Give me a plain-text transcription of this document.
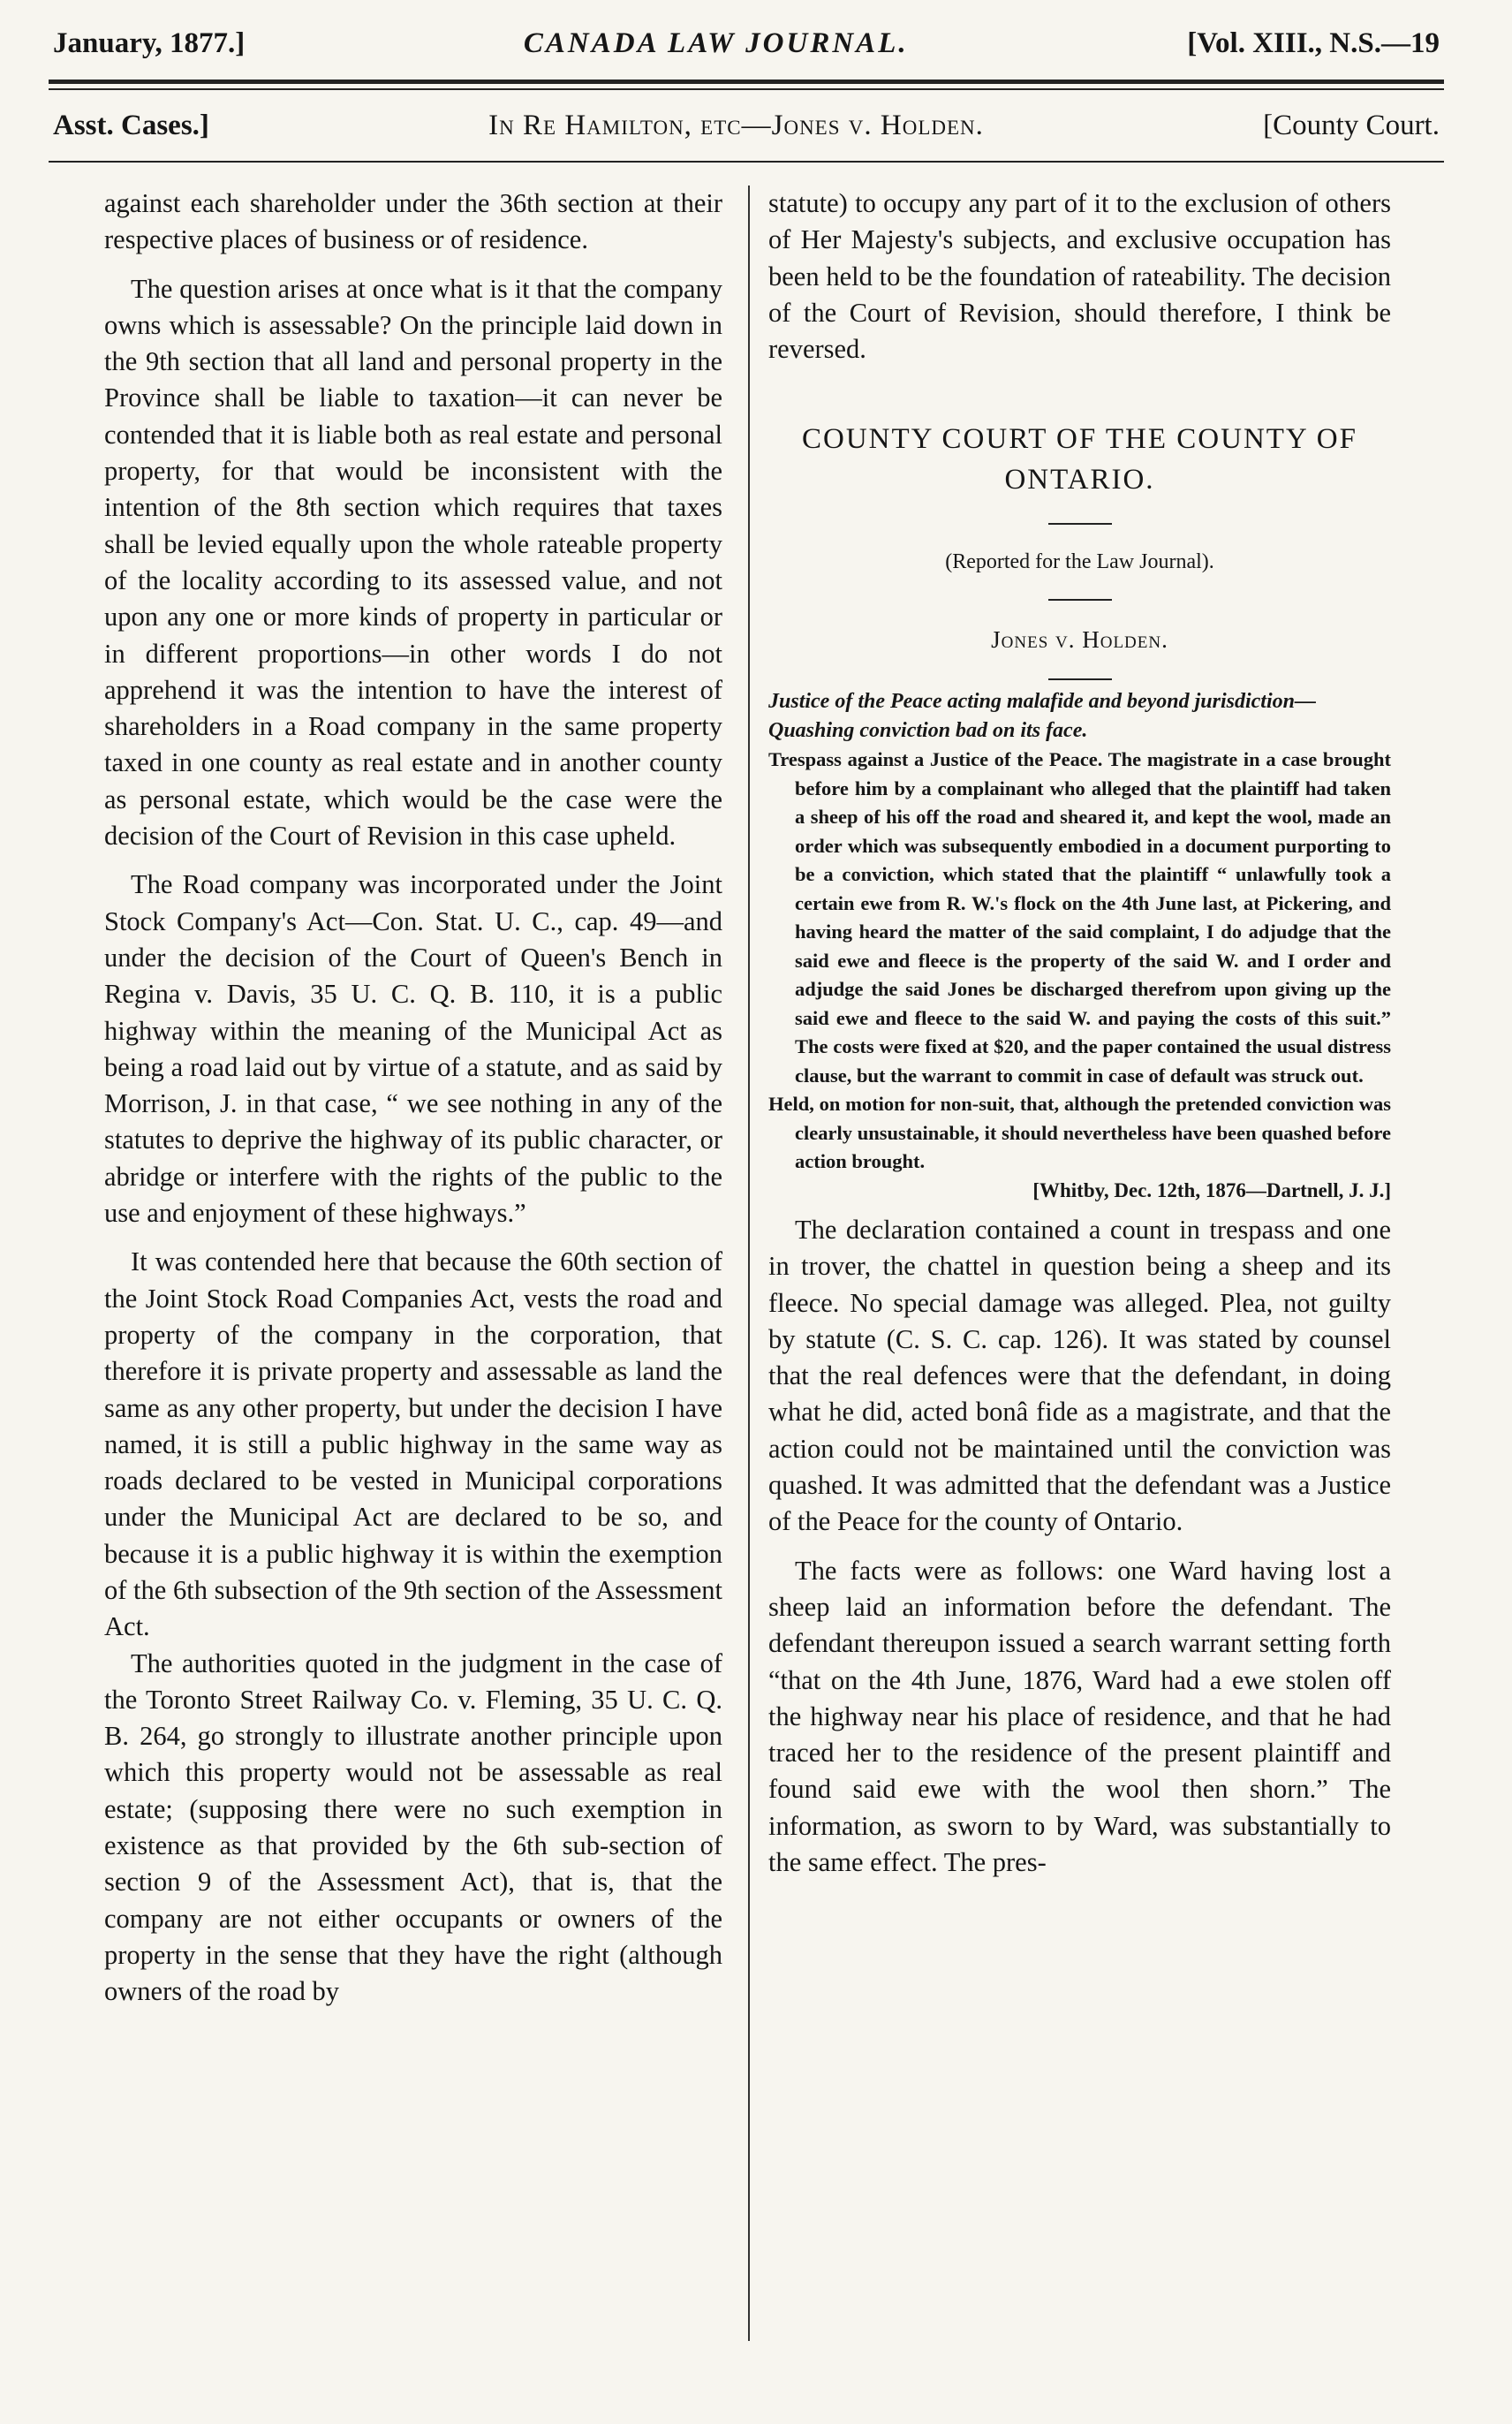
January, 1877.]	CANADA LAW JOURNAL.	[Vol. XIII., N.S.—19
Asst. Cases.]	In Re Hamilton, etc—Jones v. Holden.	[County Court.

against each shareholder under the 36th section at their respective places of business or of residence.

The question arises at once what is it that the company owns which is assessable? On the principle laid down in the 9th section that all land and personal property in the Province shall be liable to taxation—it can never be contended that it is liable both as real estate and personal property, for that would be inconsistent with the intention of the 8th section which requires that taxes shall be levied equally upon the whole rateable property of the locality according to its assessed value, and not upon any one or more kinds of property in particular or in different proportions—in other words I do not apprehend it was the intention to have the interest of shareholders in a Road company in the same property taxed in one county as real estate and in another county as personal estate, which would be the case were the decision of the Court of Revision in this case upheld.

The Road company was incorporated under the Joint Stock Company's Act—Con. Stat. U. C., cap. 49—and under the decision of the Court of Queen's Bench in Regina v. Davis, 35 U. C. Q. B. 110, it is a public highway within the meaning of the Municipal Act as being a road laid out by virtue of a statute, and as said by Morrison, J. in that case, “ we see nothing in any of the statutes to deprive the highway of its public character, or abridge or interfere with the rights of the public to the use and enjoyment of these highways.”

It was contended here that because the 60th section of the Joint Stock Road Companies Act, vests the road and property of the company in the corporation, that therefore it is private property and assessable as land the same as any other property, but under the decision I have named, it is still a public highway in the same way as roads declared to be vested in Municipal corporations under the Municipal Act are declared to be so, and because it is a public highway it is within the exemption of the 6th subsection of the 9th section of the Assessment Act.

The authorities quoted in the judgment in the case of the Toronto Street Railway Co. v. Fleming, 35 U. C. Q. B. 264, go strongly to illustrate another principle upon which this property would not be assessable as real estate; (supposing there were no such exemption in existence as that provided by the 6th sub-section of section 9 of the Assessment Act), that is, that the company are not either occupants or owners of the property in the sense that they have the right (although owners of the road by

statute) to occupy any part of it to the exclusion of others of Her Majesty's subjects, and exclusive occupation has been held to be the foundation of rateability. The decision of the Court of Revision, should therefore, I think be reversed.

COUNTY COURT OF THE COUNTY OF ONTARIO.
(Reported for the Law Journal).
Jones v. Holden.

Justice of the Peace acting malafide and beyond jurisdiction—Quashing conviction bad on its face.

Trespass against a Justice of the Peace. The magistrate in a case brought before him by a complainant who alleged that the plaintiff had taken a sheep of his off the road and sheared it, and kept the wool, made an order which was subsequently embodied in a document purporting to be a conviction, which stated that the plaintiff “ unlawfully took a certain ewe from R. W.'s flock on the 4th June last, at Pickering, and having heard the matter of the said complaint, I do adjudge that the said ewe and fleece is the property of the said W. and I order and adjudge the said Jones be discharged therefrom upon giving up the said ewe and fleece to the said W. and paying the costs of this suit.” The costs were fixed at $20, and the paper contained the usual distress clause, but the warrant to commit in case of default was struck out.

Held, on motion for non-suit, that, although the pretended conviction was clearly unsustainable, it should nevertheless have been quashed before action brought.

[Whitby, Dec. 12th, 1876—Dartnell, J. J.]

The declaration contained a count in trespass and one in trover, the chattel in question being a sheep and its fleece. No special damage was alleged. Plea, not guilty by statute (C. S. C. cap. 126). It was stated by counsel that the real defences were that the defendant, in doing what he did, acted bonâ fide as a magistrate, and that the action could not be maintained until the conviction was quashed. It was admitted that the defendant was a Justice of the Peace for the county of Ontario.

The facts were as follows: one Ward having lost a sheep laid an information before the defendant. The defendant thereupon issued a search warrant setting forth “that on the 4th June, 1876, Ward had a ewe stolen off the highway near his place of residence, and that he had traced her to the residence of the present plaintiff and found said ewe with the wool then shorn.” The information, as sworn to by Ward, was substantially to the same effect. The pres-
